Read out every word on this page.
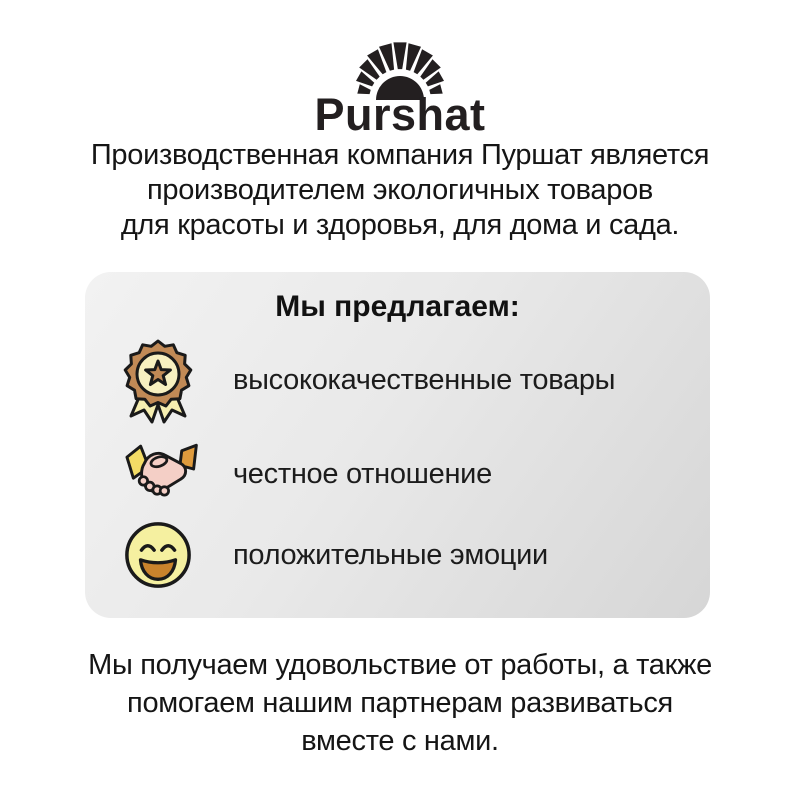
Purshat
Производственная компания Пуршат является
производителем экологичных товаров
для красоты и здоровья, для дома и сада.
Мы предлагаем:
высококачественные товары
честное отношение
положительные эмоции
Мы получаем удовольствие от работы, а также
помогаем нашим партнерам развиваться
вместе с нами.
